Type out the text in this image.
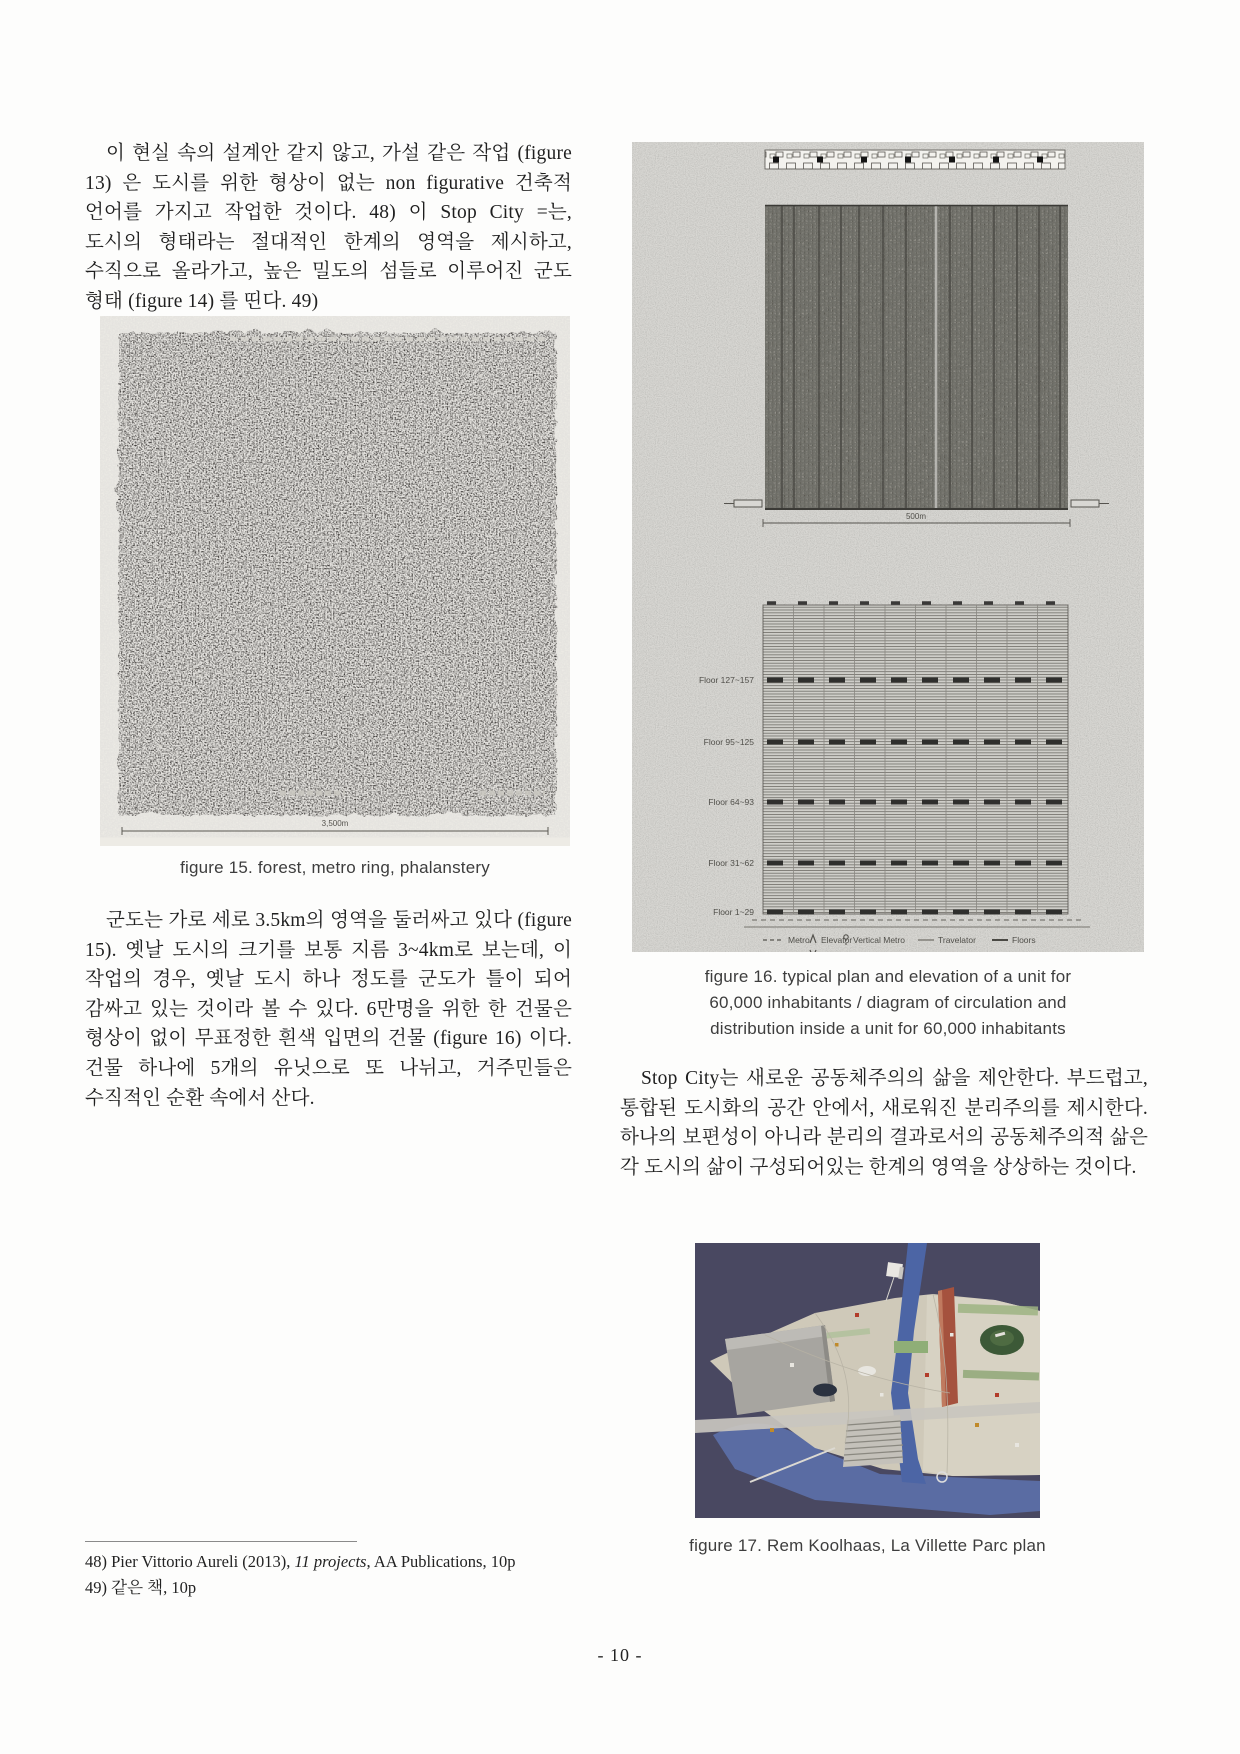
이 현실 속의 설계안 같지 않고, 가설 같은 작업 (figure 13) 은 도시를 위한 형상이 없는 non figurative 건축적 언어를 가지고 작업한 것이다. 48) 이 Stop City =는, 도시의 형태라는 절대적인 한계의 영역을 제시하고, 수직으로 올라가고, 높은 밀도의 섬들로 이루어진 군도 형태 (figure 14) 를 띤다. 49)

3,500m
figure 15. forest, metro ring, phalanstery

군도는 가로 세로 3.5km의 영역을 둘러싸고 있다 (figure 15). 옛날 도시의 크기를 보통 지름 3~4km로 보는데, 이 작업의 경우, 옛날 도시 하나 정도를 군도가 틀이 되어 감싸고 있는 것이라 볼 수 있다. 6만명을 위한 한 건물은 형상이 없이 무표정한 흰색 입면의 건물 (figure 16) 이다. 건물 하나에 5개의 유닛으로 또 나뉘고, 거주민들은 수직적인 순환 속에서 산다.

500m
Floor 127~157
Floor 95~125
Floor 64~93
Floor 31~62
Floor 1~29
Metro Elevator Vertical Metro	Travelator	Floors
figure 16. typical plan and elevation of a unit for
60,000 inhabitants / diagram of circulation and
distribution inside a unit for 60,000 inhabitants

Stop City는 새로운 공동체주의의 삶을 제안한다. 부드럽고, 통합된 도시화의 공간 안에서, 새로워진 분리주의를 제시한다. 하나의 보편성이 아니라 분리의 결과로서의 공동체주의적 삶은 각 도시의 삶이 구성되어있는 한계의 영역을 상상하는 것이다.

figure 17. Rem Koolhaas, La Villette Parc plan
48) Pier Vittorio Aureli (2013), 11 projects, AA Publications, 10p
49) 같은 책, 10p
- 10 -
